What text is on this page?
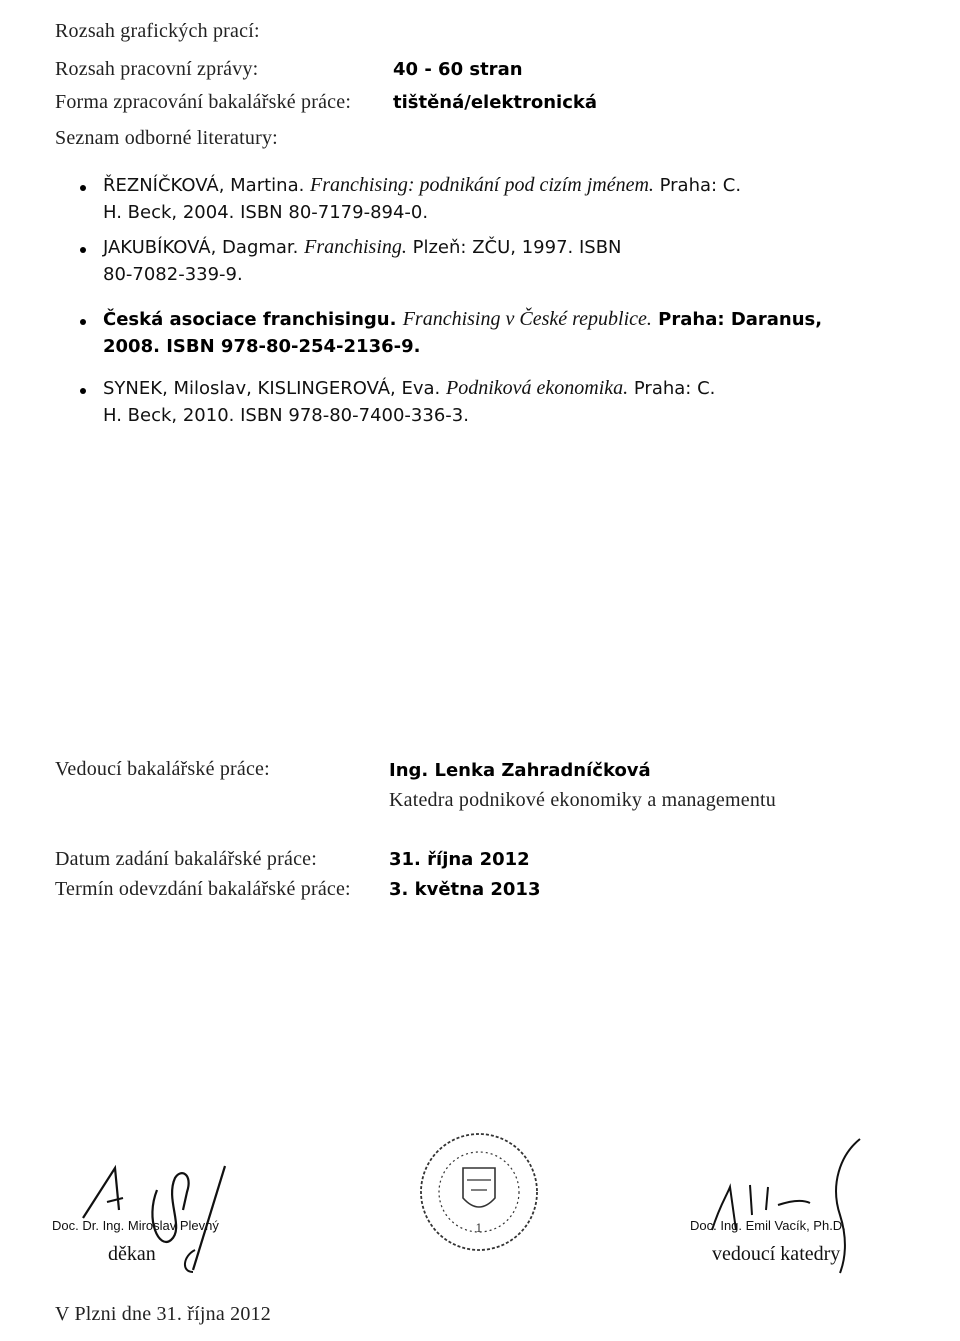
Rozsah grafických prací:
Rozsah pracovní zprávy:	40 - 60 stran
Forma zpracování bakalářské práce: tištěná/elektronická
Seznam odborné literatury:
ŘEZNÍČKOVÁ, Martina. Franchising: podnikání pod cizím jménem. Praha: C.
H. Beck, 2004. ISBN 80-7179-894-0.
JAKUBÍKOVÁ, Dagmar. Franchising. Plzeň: ZČU, 1997. ISBN
80-7082-339-9.
Česká asociace franchisingu. Franchising v České republice. Praha: Daranus,
2008. ISBN 978-80-254-2136-9.
SYNEK, Miloslav, KISLINGEROVÁ, Eva. Podniková ekonomika. Praha: C.
H. Beck, 2010. ISBN 978-80-7400-336-3.
Vedoucí bakalářské práce:	Ing. Lenka Zahradníčková
Katedra podnikové ekonomiky a managementu
Datum zadání bakalářské práce:	31. října 2012
Termín odevzdání bakalářské práce: 3. května 2013
Doc. Dr. Ing. Miroslav Plevný
děkan
1	Doc. Ing. Emil Vacík, Ph.D.
vedoucí katedry
V Plzni dne 31. října 2012
